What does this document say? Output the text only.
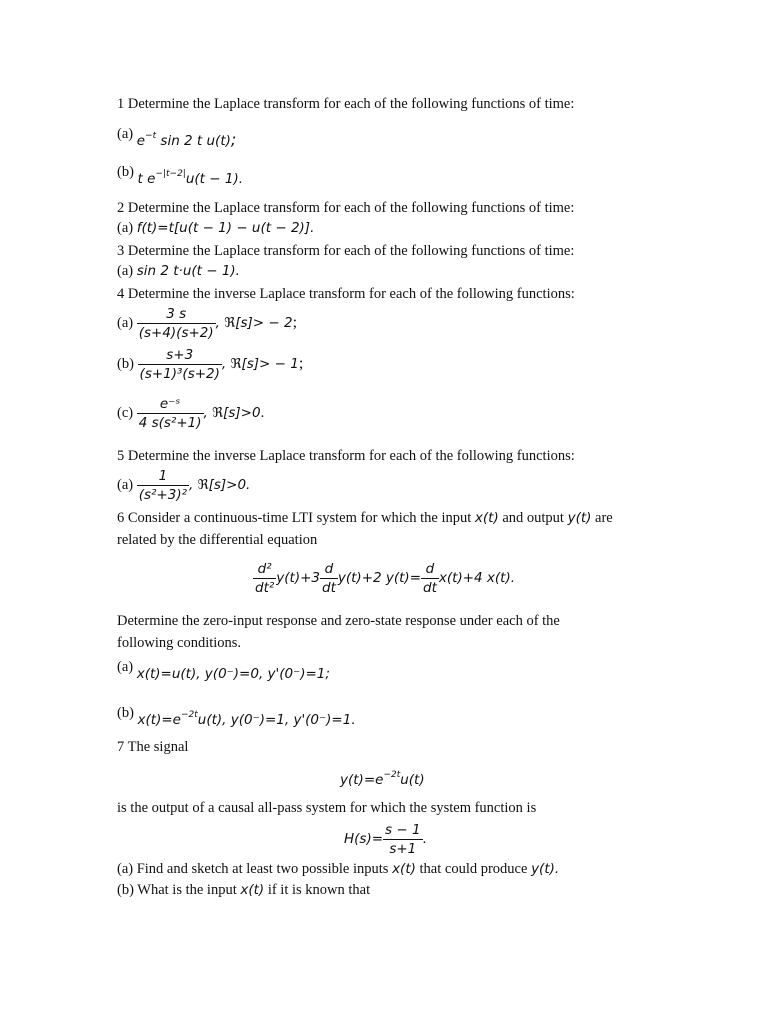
1 Determine the Laplace transform for each of the following functions of time:
(a) $e^{-t}$ sin 2 t u(t);
(b) t $e^{-|t-2|}u(t - 1)$.
2 Determine the Laplace transform for each of the following functions of time:
(a) f(t)=t[u(t − 1) − u(t − 2)].
3 Determine the Laplace transform for each of the following functions of time:
(a) sin 2 t·u(t − 1).
4 Determine the inverse Laplace transform for each of the following functions:
$(a) \frac{3 s}{(s+4)(s+2)}$ , ℜ[s]> − 2;
$(b) \frac{s+3}{\text{(s+1)³(s+2)}}$ , ℜ[s]> − 1;
$(c) \frac{\text{e⁻ˢ}}{\text{4 s(s²+1)}}$ , ℜ[s]>0.
5 Determine the inverse Laplace transform for each of the following functions:
$(a) \frac{1}{\text{(s²+3)²}}$ , ℜ[s]>0.
6 Consider a continuous-time LTI system for which the input x(t) and output y(t) are
related by the differential equation
$\frac{\text{d²}}{\text{dt²}} y(t)+3 \frac{d}{dt} y(t)+2$ $y(t)= \frac{d}{dt} x(t)+4$ x(t).
Determine the zero-input response and zero-state response under each of the
following conditions.
(a) x(t)=u(t), y(0⁻)=0, y'(0⁻)=1;
(b) $x(t)=e^{-2t}u(t)$, y(0⁻)=1, y'(0⁻)=1.
7 The signal
$y(t)=e^{-2t}u(t)$
is the output of a causal all-pass system for which the system function is
$H(s)= \frac{s - 1}{s+1}$ .
(a) Find and sketch at least two possible inputs x(t) that could produce y(t).
(b) What is the input x(t) if it is known that
